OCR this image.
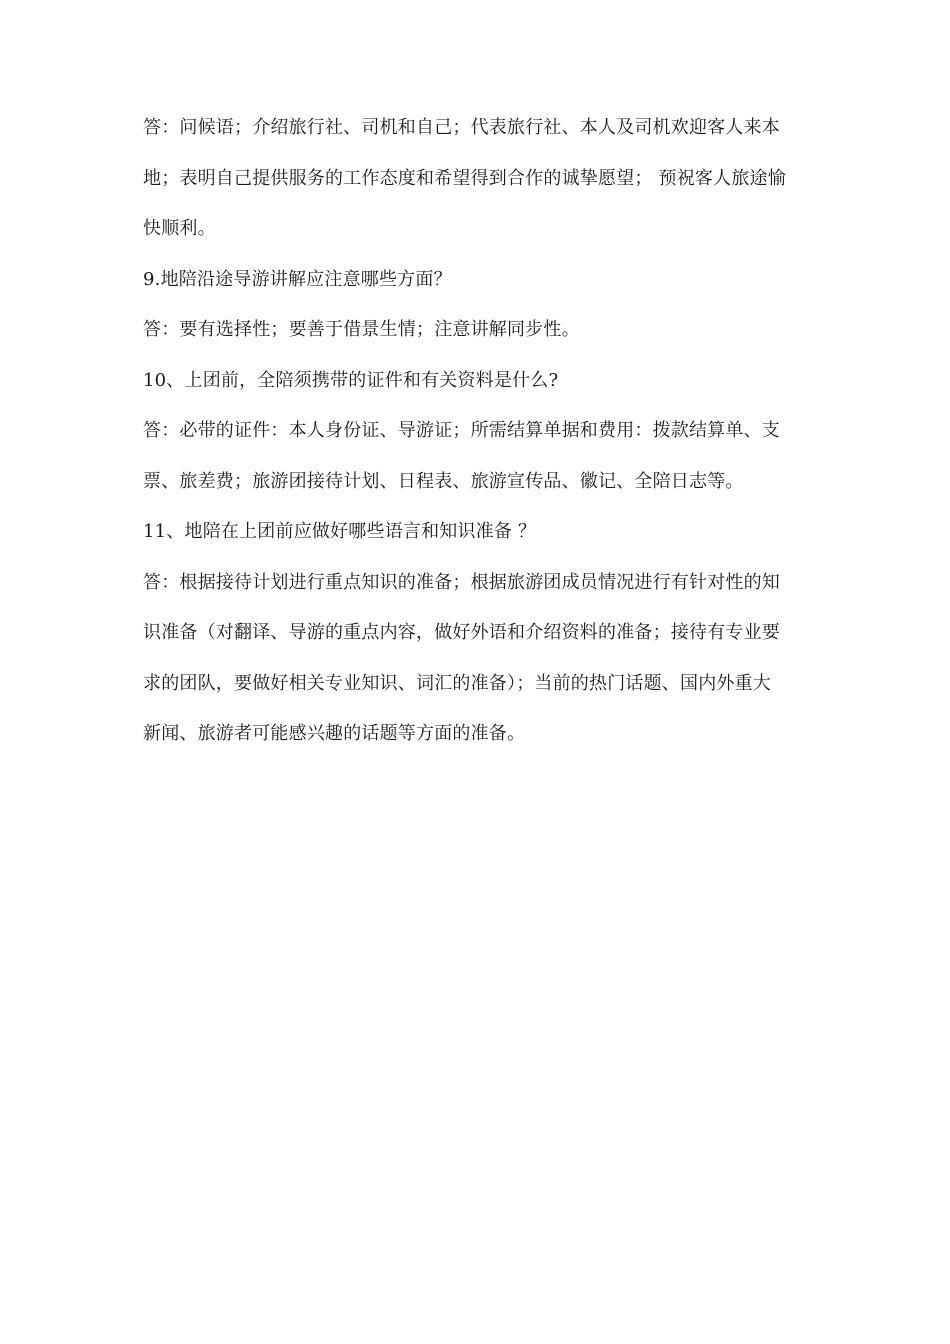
答：问候语；介绍旅行社、司机和自己；代表旅行社、本人及司机欢迎客人来本
地；表明自己提供服务的工作态度和希望得到合作的诚挚愿望； 预祝客人旅途愉
快顺利。

9.地陪沿途导游讲解应注意哪些方面？

答：要有选择性；要善于借景生情；注意讲解同步性。

10、上团前，全陪须携带的证件和有关资料是什么?

答：必带的证件：本人身份证、导游证；所需结算单据和费用：拨款结算单、支
票、旅差费；旅游团接待计划、日程表、旅游宣传品、徽记、全陪日志等。

11、地陪在上团前应做好哪些语言和知识准备 ？

答：根据接待计划进行重点知识的准备；根据旅游团成员情况进行有针对性的知
识准备（对翻译、导游的重点内容，做好外语和介绍资料的准备；接待有专业要
求的团队，要做好相关专业知识、词汇的准备）；当前的热门话题、国内外重大
新闻、旅游者可能感兴趣的话题等方面的准备。
